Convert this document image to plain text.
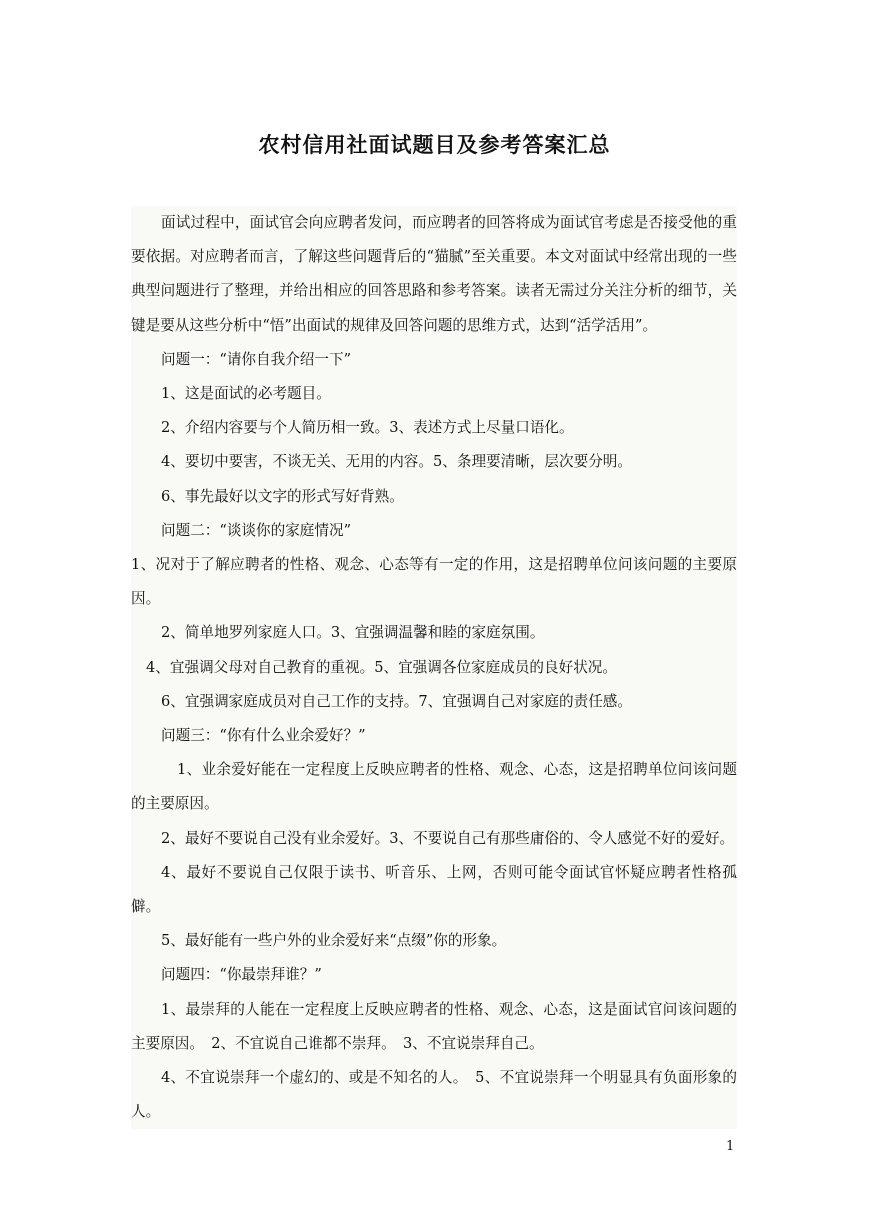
农村信用社面试题目及参考答案汇总

面试过程中，面试官会向应聘者发问，而应聘者的回答将成为面试官考虑是否接受他的重要依据。对应聘者而言，了解这些问题背后的“猫腻”至关重要。本文对面试中经常出现的一些典型问题进行了整理，并给出相应的回答思路和参考答案。读者无需过分关注分析的细节，关键是要从这些分析中“悟”出面试的规律及回答问题的思维方式，达到“活学活用”。

问题一：“请你自我介绍一下”

1、这是面试的必考题目。

2、介绍内容要与个人简历相一致。3、表述方式上尽量口语化。

4、要切中要害，不谈无关、无用的内容。5、条理要清晰，层次要分明。

6、事先最好以文字的形式写好背熟。

问题二：“谈谈你的家庭情况”

1、况对于了解应聘者的性格、观念、心态等有一定的作用，这是招聘单位问该问题的主要原因。

2、简单地罗列家庭人口。3、宜强调温馨和睦的家庭氛围。

4、宜强调父母对自己教育的重视。5、宜强调各位家庭成员的良好状况。

6、宜强调家庭成员对自己工作的支持。7、宜强调自己对家庭的责任感。

问题三：“你有什么业余爱好？”

1、业余爱好能在一定程度上反映应聘者的性格、观念、心态，这是招聘单位问该问题的主要原因。

2、最好不要说自己没有业余爱好。3、不要说自己有那些庸俗的、令人感觉不好的爱好。

4、最好不要说自己仅限于读书、听音乐、上网，否则可能令面试官怀疑应聘者性格孤僻。

5、最好能有一些户外的业余爱好来“点缀”你的形象。

问题四：“你最崇拜谁？”

1、最崇拜的人能在一定程度上反映应聘者的性格、观念、心态，这是面试官问该问题的主要原因。　2、不宜说自己谁都不崇拜。　3、不宜说崇拜自己。

4、不宜说崇拜一个虚幻的、或是不知名的人。　5、不宜说崇拜一个明显具有负面形象的人。

1
